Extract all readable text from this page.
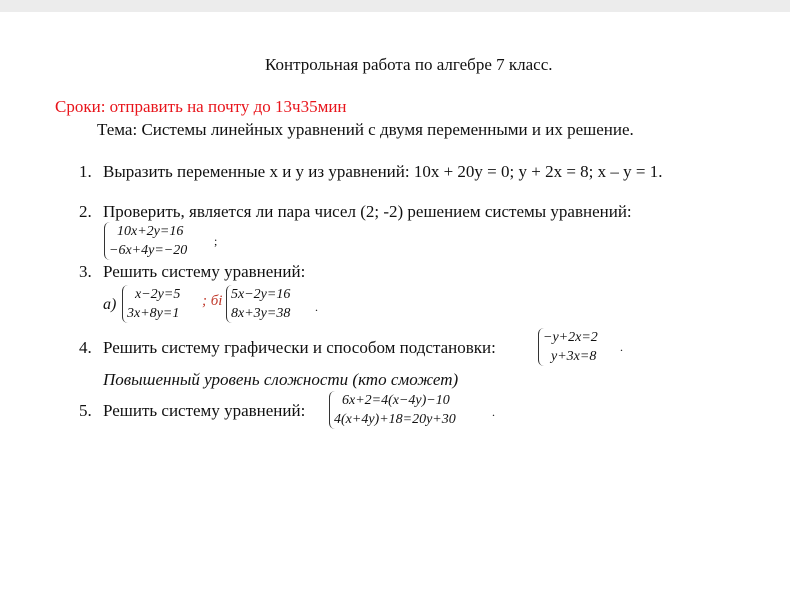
Контрольная работа по алгебре 7 класс.
Сроки: отправить на почту до 13ч35мин
Тема: Системы линейных уравнений с двумя переменными и их решение.
1. Выразить переменные х и у из уравнений: 10х + 20у = 0; у + 2х = 8; х – у = 1.
2. Проверить, является ли пара чисел (2; -2) решением системы уравнений:
10x+2y=16
−6x+4y=−20
;
3. Решить систему уравнений:
а)
x−2y=5
3x+8y=1
; бі 5x−2y=16
8x+3y=38 .
4. Решить систему графически и способом подстановки:
−y+2x=2
y+3x=8
.
Повышенный уровень сложности (кто сможет)
5. Решить систему уравнений:
6x+2=4(x−4y)−10
4(x+4y)+18=20y+30	.
